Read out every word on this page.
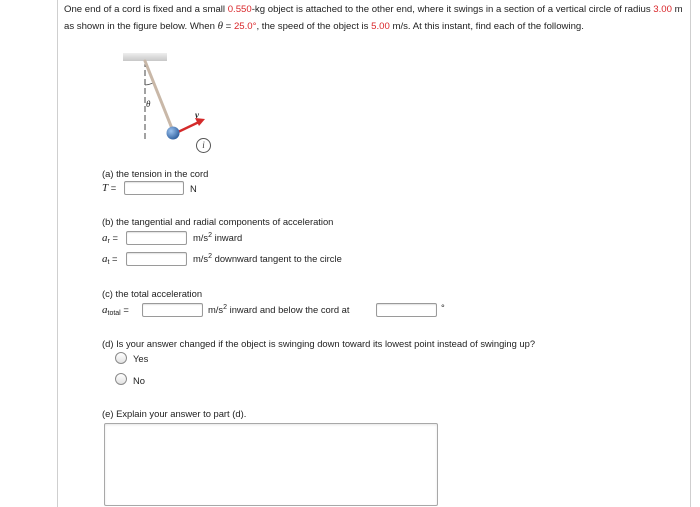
One end of a cord is fixed and a small 0.550-kg object is attached to the other end, where it swings in a section of a vertical circle of radius 3.00 m as shown in the figure below. When θ = 25.0°, the speed of the object is 5.00 m/s. At this instant, find each of the following.
θ
v⃗
i
(a) the tension in the cord
T =	N
(b) the tangential and radial components of acceleration
$a_r$ =	$m/s^2$ inward
$a_t$ =	$m/s^2$ downward tangent to the circle
(c) the total acceleration
$a_{total}$ =	$m/s^2$ inward and below the cord at	°
(d) Is your answer changed if the object is swinging down toward its lowest point instead of swinging up?
Yes
No
(e) Explain your answer to part (d).
